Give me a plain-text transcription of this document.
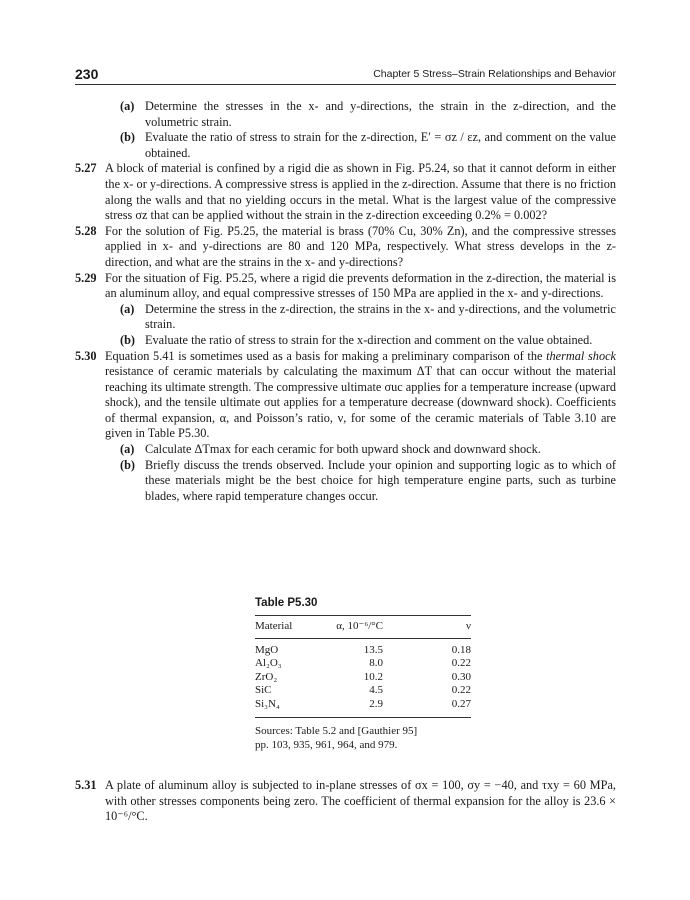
230	Chapter 5 Stress–Strain Relationships and Behavior

(a) Determine the stresses in the x- and y-directions, the strain in the z-direction, and the volumetric strain.

(b) Evaluate the ratio of stress to strain for the z-direction, E′ = σz / εz, and comment on the value obtained.

5.27 A block of material is confined by a rigid die as shown in Fig. P5.24, so that it cannot deform in either the x- or y-directions. A compressive stress is applied in the z-direction. Assume that there is no friction along the walls and that no yielding occurs in the metal. What is the largest value of the compressive stress σz that can be applied without the strain in the z-direction exceeding 0.2% = 0.002?

5.28 For the solution of Fig. P5.25, the material is brass (70% Cu, 30% Zn), and the compressive stresses applied in x- and y-directions are 80 and 120 MPa, respectively. What stress develops in the z-direction, and what are the strains in the x- and y-directions?

5.29 For the situation of Fig. P5.25, where a rigid die prevents deformation in the z-direction, the material is an aluminum alloy, and equal compressive stresses of 150 MPa are applied in the x- and y-directions.

(a) Determine the stress in the z-direction, the strains in the x- and y-directions, and the volumetric strain.

(b) Evaluate the ratio of stress to strain for the x-direction and comment on the value obtained.

5.30 Equation 5.41 is sometimes used as a basis for making a preliminary comparison of the thermal shock resistance of ceramic materials by calculating the maximum ΔT that can occur without the material reaching its ultimate strength. The compressive ultimate σuc applies for a temperature increase (upward shock), and the tensile ultimate σut applies for a temperature decrease (downward shock). Coefficients of thermal expansion, α, and Poisson’s ratio, ν, for some of the ceramic materials of Table 3.10 are given in Table P5.30.

(a) Calculate ΔTmax for each ceramic for both upward shock and downward shock.

(b) Briefly discuss the trends observed. Include your opinion and supporting logic as to which of these materials might be the best choice for high temperature engine parts, such as turbine blades, where rapid temperature changes occur.

Table P5.30
Material	α, 10⁻⁶/°C	ν
MgO	13.5	0.18
Al₂O₃	8.0	0.22
ZrO₂	10.2	0.30
SiC	4.5	0.22
Si₃N₄	2.9	0.27
Sources: Table 5.2 and [Gauthier 95]
pp. 103, 935, 961, 964, and 979.

5.31 A plate of aluminum alloy is subjected to in-plane stresses of σx = 100, σy = −40, and τxy = 60 MPa, with other stresses components being zero. The coefficient of thermal expansion for the alloy is 23.6 × 10⁻⁶/°C.
